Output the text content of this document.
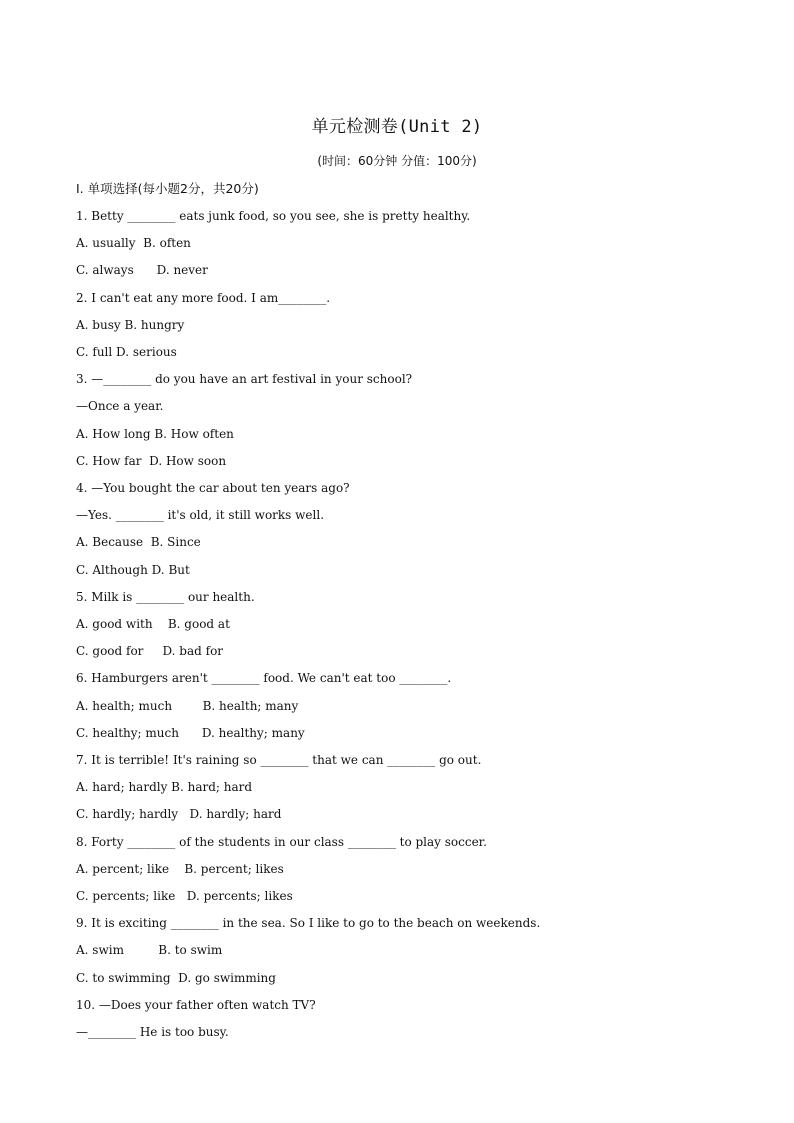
单元检测卷(Unit 2)
(时间：60分钟 分值：100分)
Ⅰ. 单项选择(每小题2分，共20分)
1. Betty ________ eats junk food, so you see, she is pretty healthy.
A. usually  B. often
C. always      D. never
2. I can't eat any more food. I am________.
A. busy B. hungry
C. full D. serious
3. —________ do you have an art festival in your school?
—Once a year.
A. How long B. How often
C. How far  D. How soon
4. —You bought the car about ten years ago?
—Yes. ________ it's old, it still works well.
A. Because  B. Since
C. Although D. But
5. Milk is ________ our health.
A. good with    B. good at
C. good for     D. bad for
6. Hamburgers aren't ________ food. We can't eat too ________.
A. health; much        B. health; many
C. healthy; much      D. healthy; many
7. It is terrible! It's raining so ________ that we can ________ go out.
A. hard; hardly B. hard; hard
C. hardly; hardly   D. hardly; hard
8. Forty ________ of the students in our class ________ to play soccer.
A. percent; like    B. percent; likes
C. percents; like   D. percents; likes
9. It is exciting ________ in the sea. So I like to go to the beach on weekends.
A. swim         B. to swim
C. to swimming  D. go swimming
10. —Does your father often watch TV?
—________ He is too busy.
